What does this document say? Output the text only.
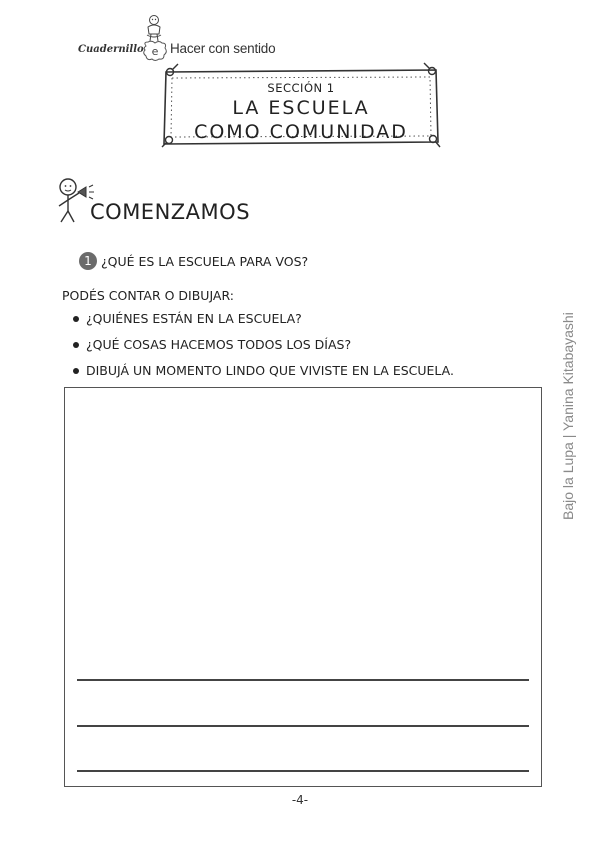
Cuadernillo e Hacer con sentido
SECCIÓN 1
LA ESCUELA
COMO COMUNIDAD
COMENZAMOS
1 ¿QUÉ ES LA ESCUELA PARA VOS?
PODÉS CONTAR O DIBUJAR:
¿QUIÉNES ESTÁN EN LA ESCUELA?
¿QUÉ COSAS HACEMOS TODOS LOS DÍAS?
DIBUJÁ UN MOMENTO LINDO QUE VIVISTE EN LA ESCUELA.	Bajo la Lupa | Yanina Kitabayashi
-4-
